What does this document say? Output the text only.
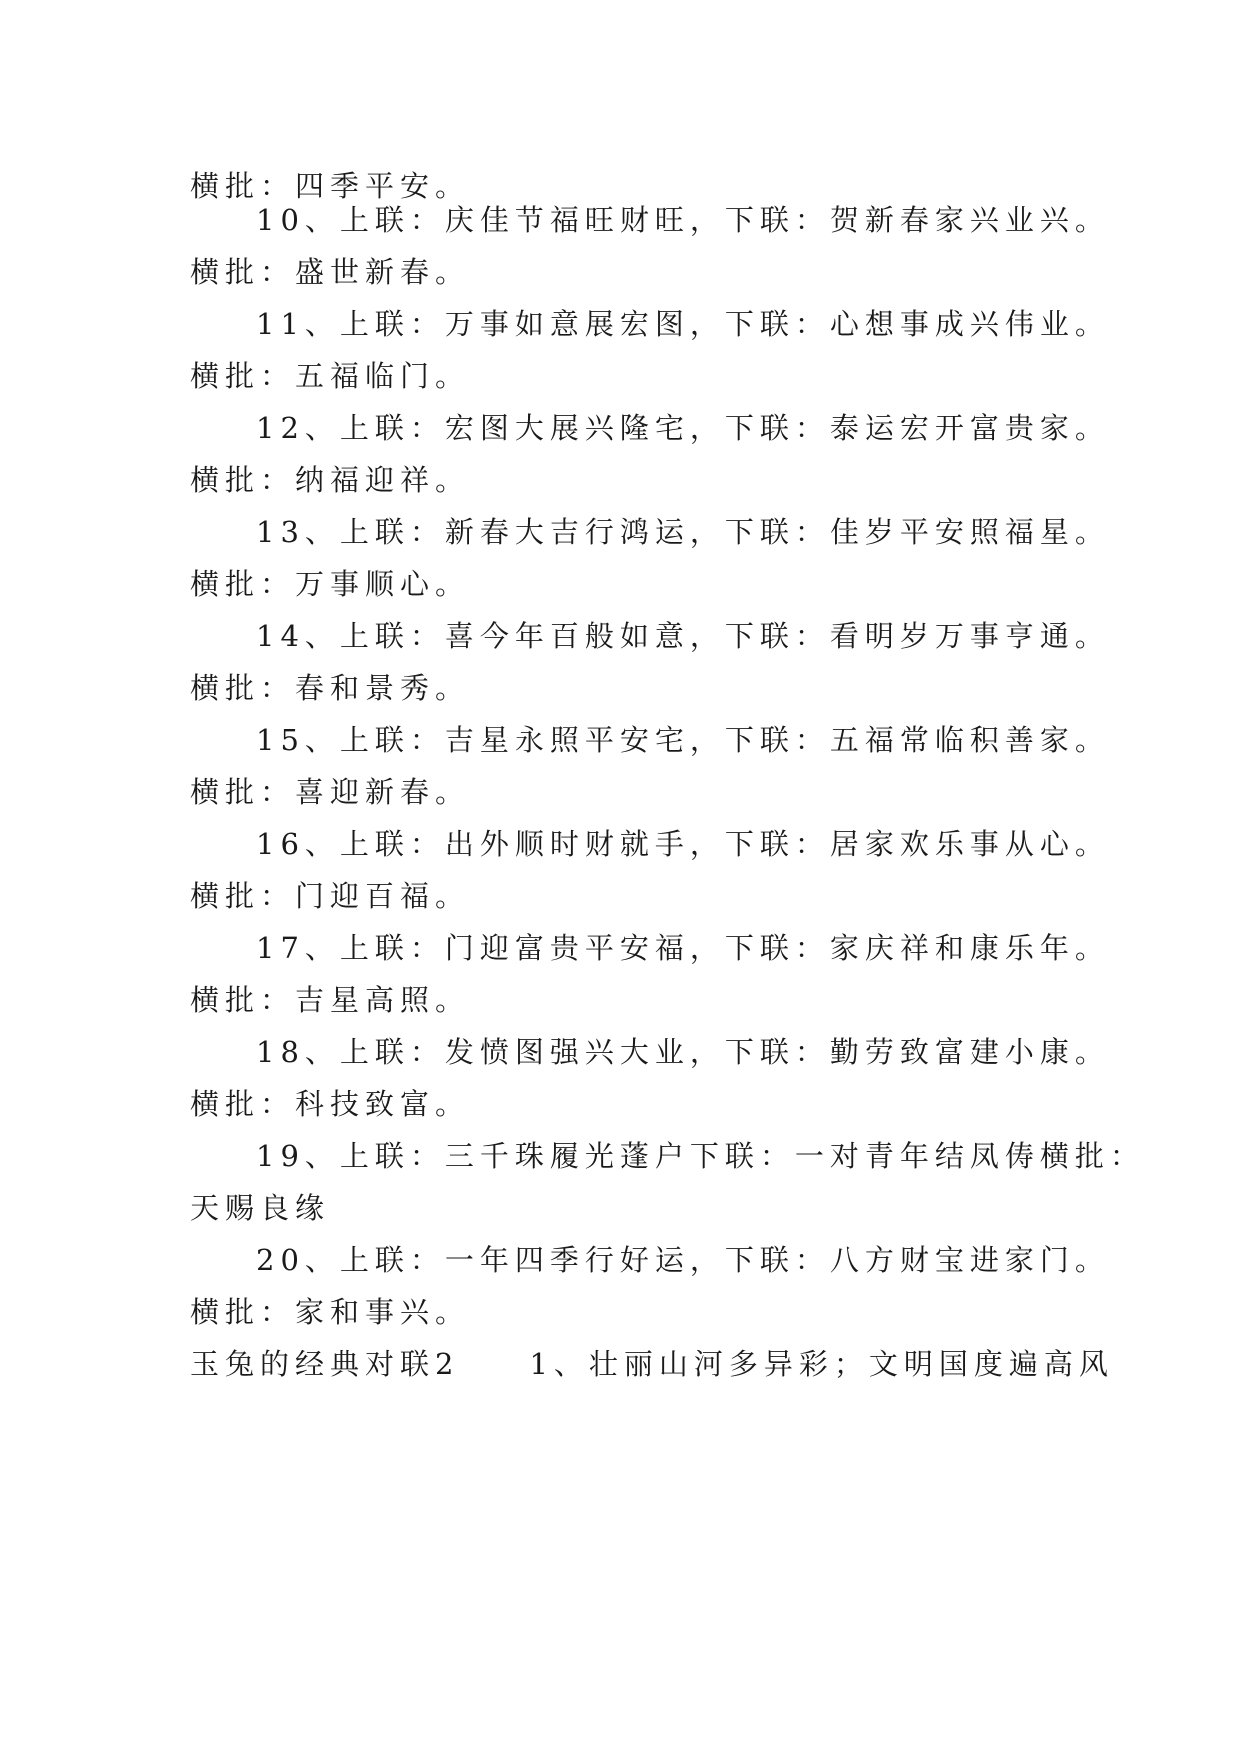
横批：四季平安。
10、上联：庆佳节福旺财旺，下联：贺新春家兴业兴。
横批：盛世新春。
11、上联：万事如意展宏图，下联：心想事成兴伟业。
横批：五福临门。
12、上联：宏图大展兴隆宅，下联：泰运宏开富贵家。
横批：纳福迎祥。
13、上联：新春大吉行鸿运，下联：佳岁平安照福星。
横批：万事顺心。
14、上联：喜今年百般如意，下联：看明岁万事亨通。
横批：春和景秀。
15、上联：吉星永照平安宅，下联：五福常临积善家。
横批：喜迎新春。
16、上联：出外顺时财就手，下联：居家欢乐事从心。
横批：门迎百福。
17、上联：门迎富贵平安福，下联：家庆祥和康乐年。
横批：吉星高照。
18、上联：发愤图强兴大业，下联：勤劳致富建小康。
横批：科技致富。
19、上联：三千珠履光蓬户下联：一对青年结凤俦横批：
天赐良缘
20、上联：一年四季行好运，下联：八方财宝进家门。
横批：家和事兴。
玉兔的经典对联2　　1、壮丽山河多异彩；文明国度遍高风
